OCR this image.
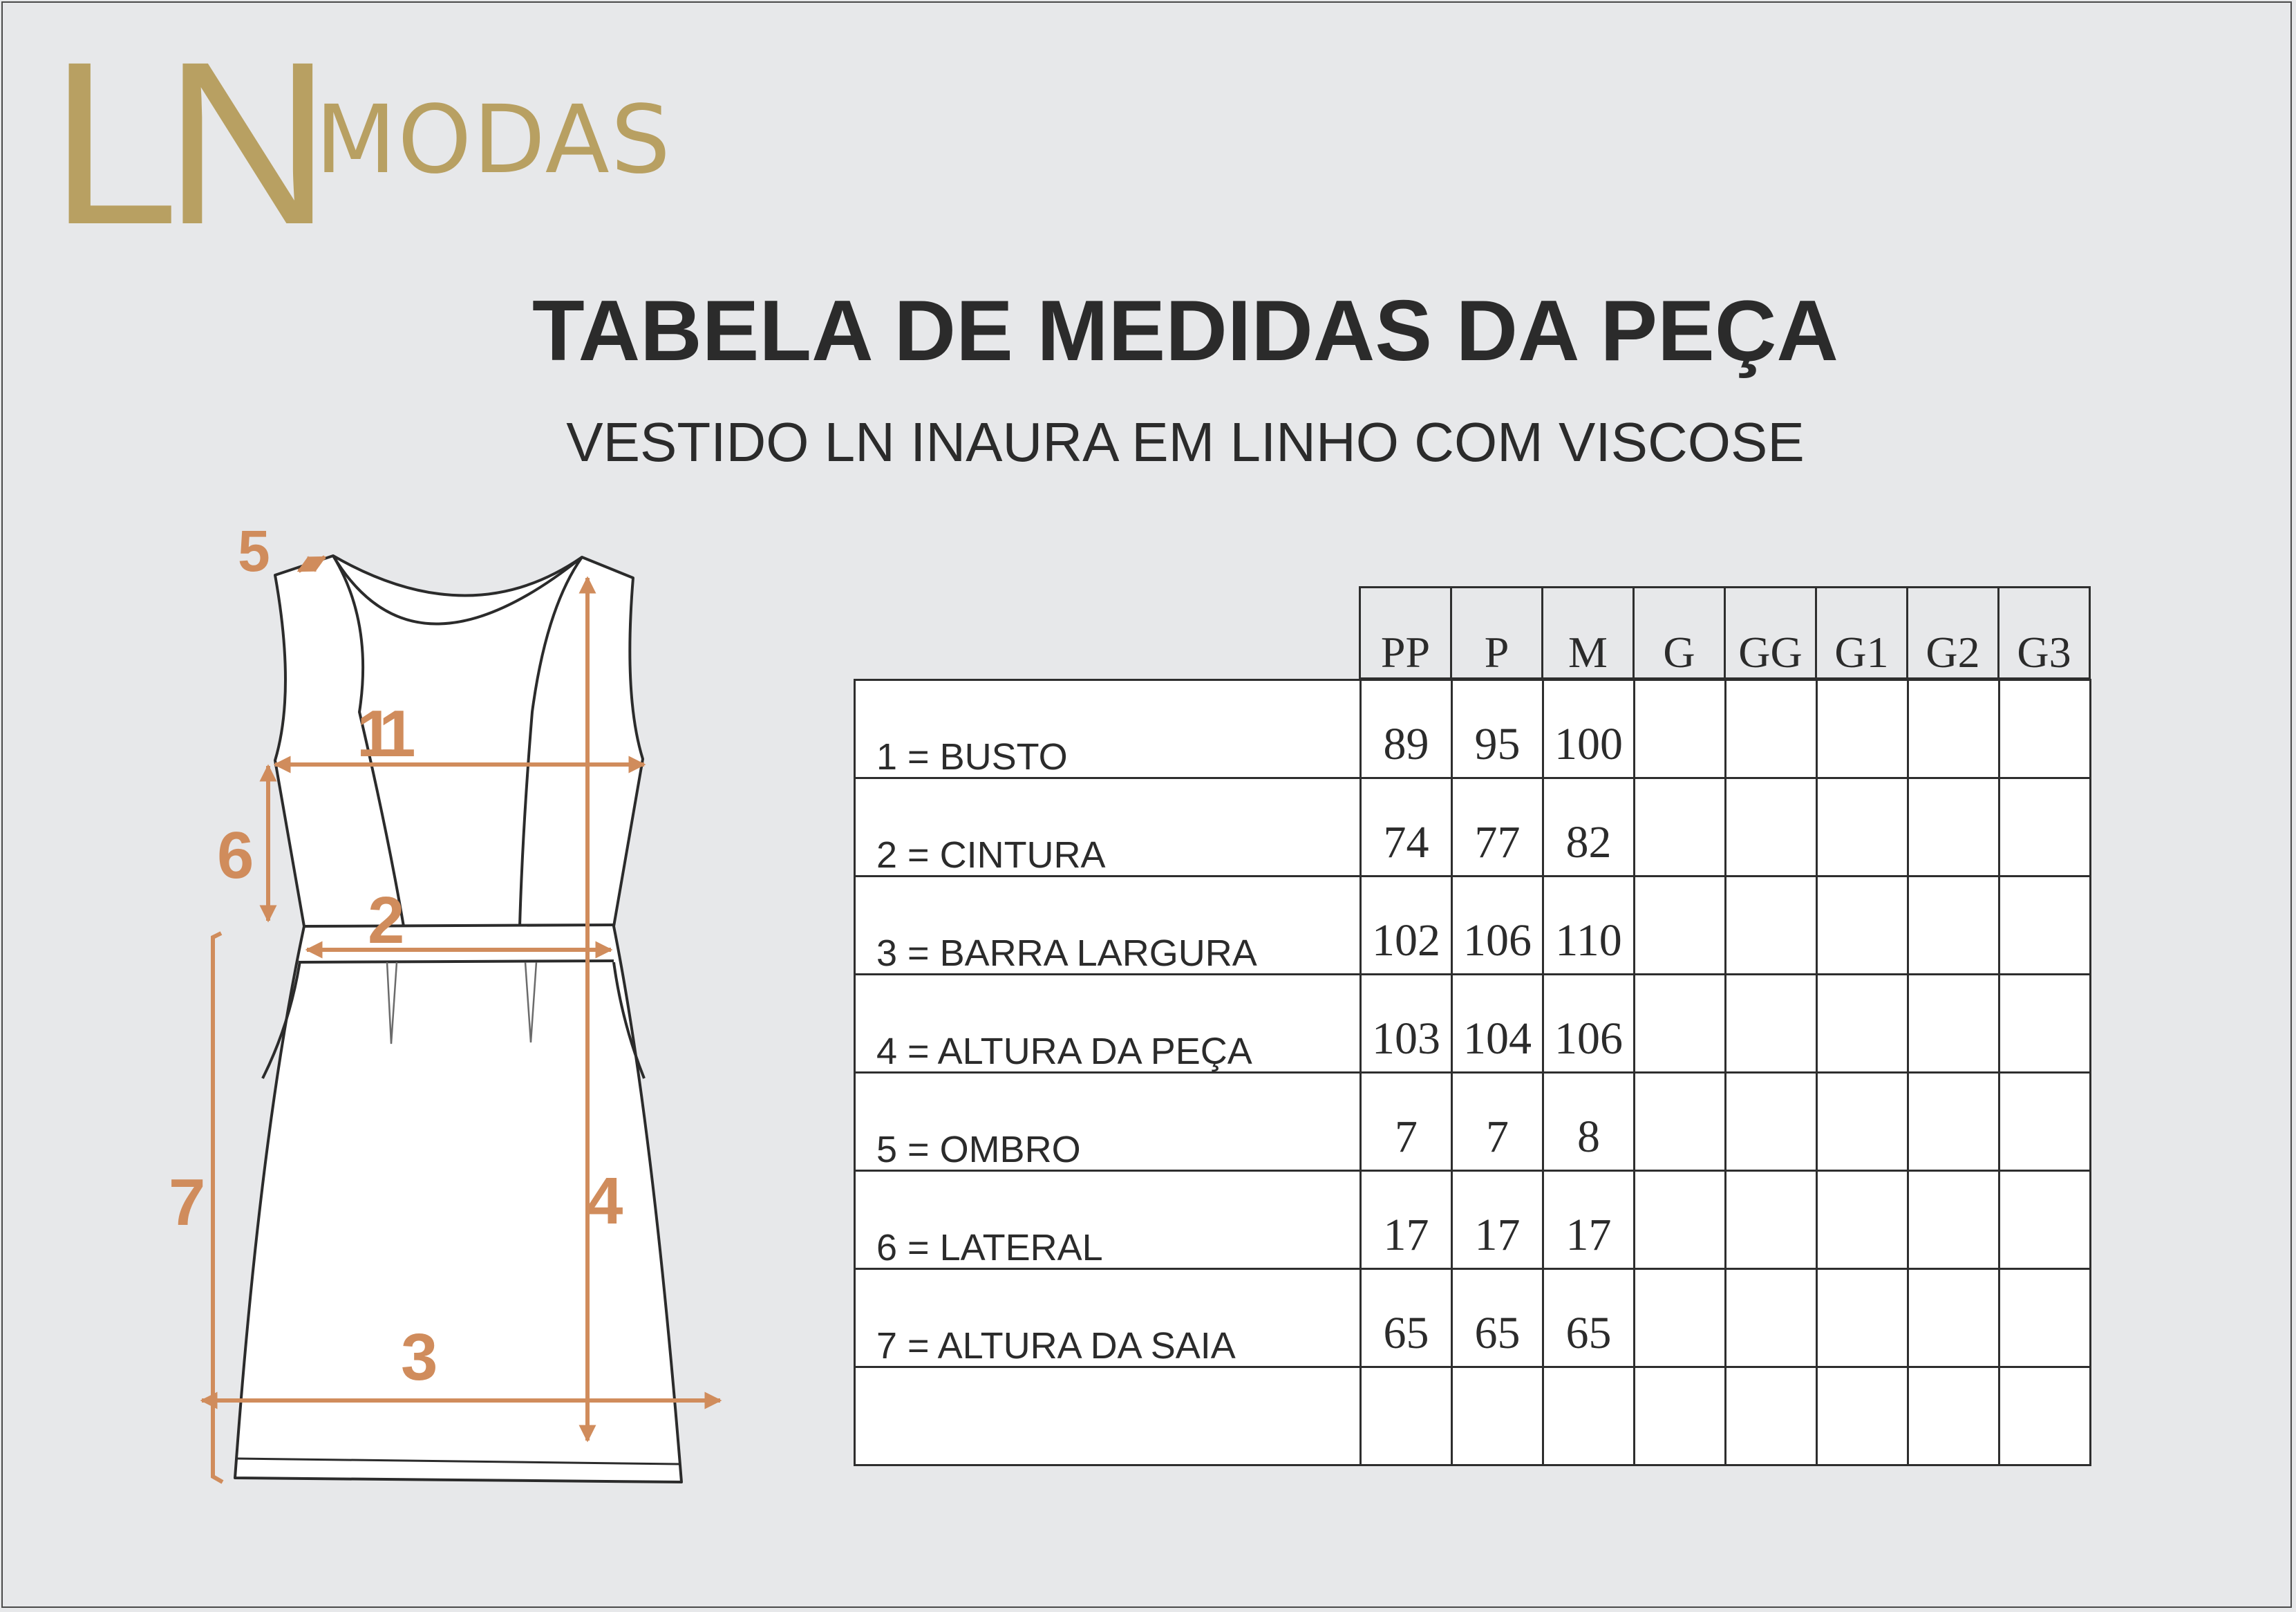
LN
MODAS
TABELA DE MEDIDAS DA PEÇA
VESTIDO LN INAURA EM LINHO COM VISCOSE
5
11
6
2
7	4
3
PP	P	M	G	GG	G1	G2	G3
1 = BUSTO	89	95	100					
2 = CINTURA	74	77	82					
3 = BARRA LARGURA	102	106	110					
4 = ALTURA DA PEÇA	103	104	106					
5 = OMBRO	7	7	8					
6 = LATERAL	17	17	17					
7 = ALTURA DA SAIA	65	65	65					
